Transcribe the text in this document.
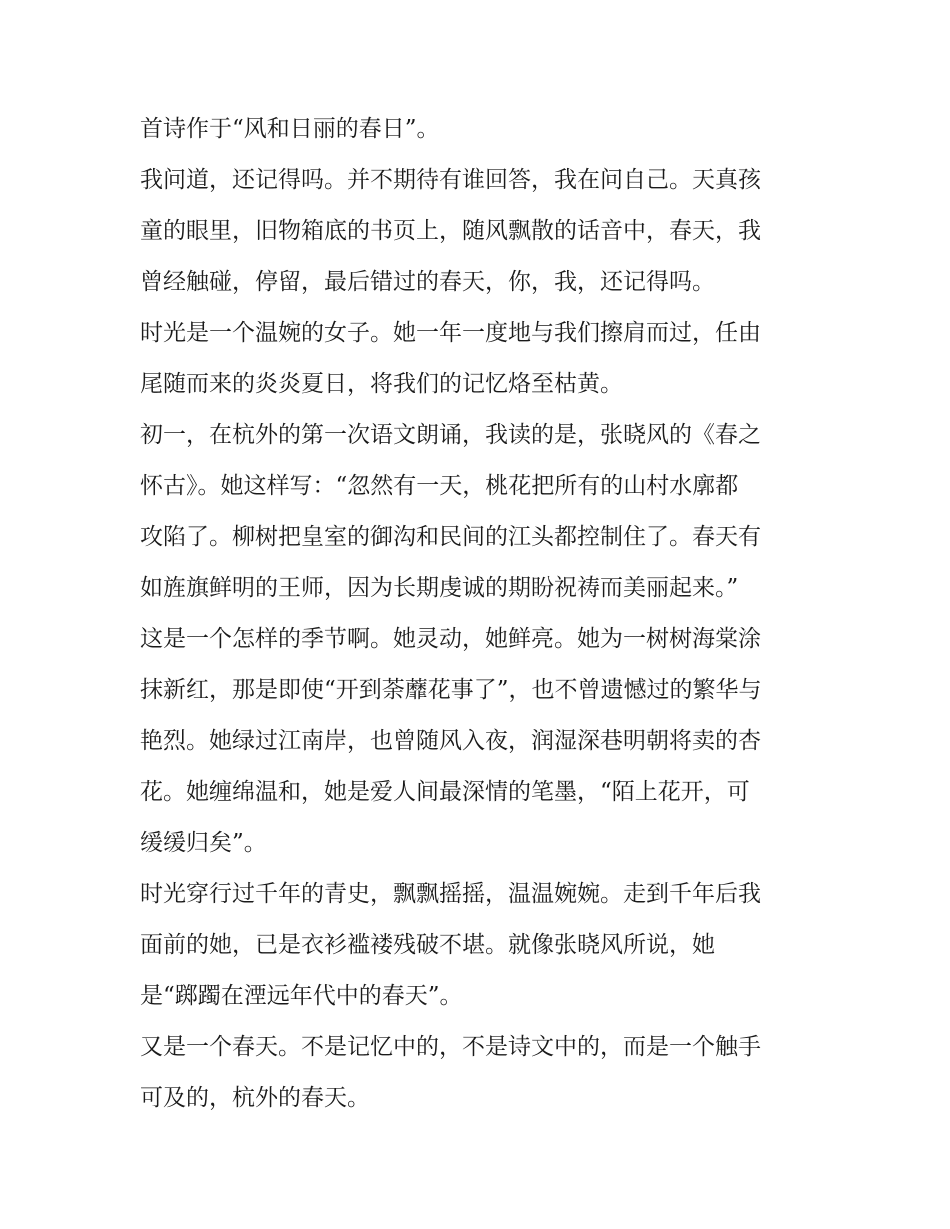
首诗作于“风和日丽的春日”。
我问道，还记得吗。并不期待有谁回答，我在问自己。天真孩
童的眼里，旧物箱底的书页上，随风飘散的话音中，春天，我
曾经触碰，停留，最后错过的春天，你，我，还记得吗。
时光是一个温婉的女子。她一年一度地与我们擦肩而过，任由
尾随而来的炎炎夏日，将我们的记忆烙至枯黄。
初一，在杭外的第一次语文朗诵，我读的是，张晓风的《春之
怀古》。她这样写：“忽然有一天，桃花把所有的山村水廓都
攻陷了。柳树把皇室的御沟和民间的江头都控制住了。春天有
如旌旗鲜明的王师，因为长期虔诚的期盼祝祷而美丽起来。”
这是一个怎样的季节啊。她灵动，她鲜亮。她为一树树海棠涂
抹新红，那是即使“开到荼蘼花事了”，也不曾遗憾过的繁华与
艳烈。她绿过江南岸，也曾随风入夜，润湿深巷明朝将卖的杏
花。她缠绵温和，她是爱人间最深情的笔墨，“陌上花开，可
缓缓归矣”。
时光穿行过千年的青史，飘飘摇摇，温温婉婉。走到千年后我
面前的她，已是衣衫褴褛残破不堪。就像张晓风所说，她
是“踯躅在湮远年代中的春天”。
又是一个春天。不是记忆中的，不是诗文中的，而是一个触手
可及的，杭外的春天。
